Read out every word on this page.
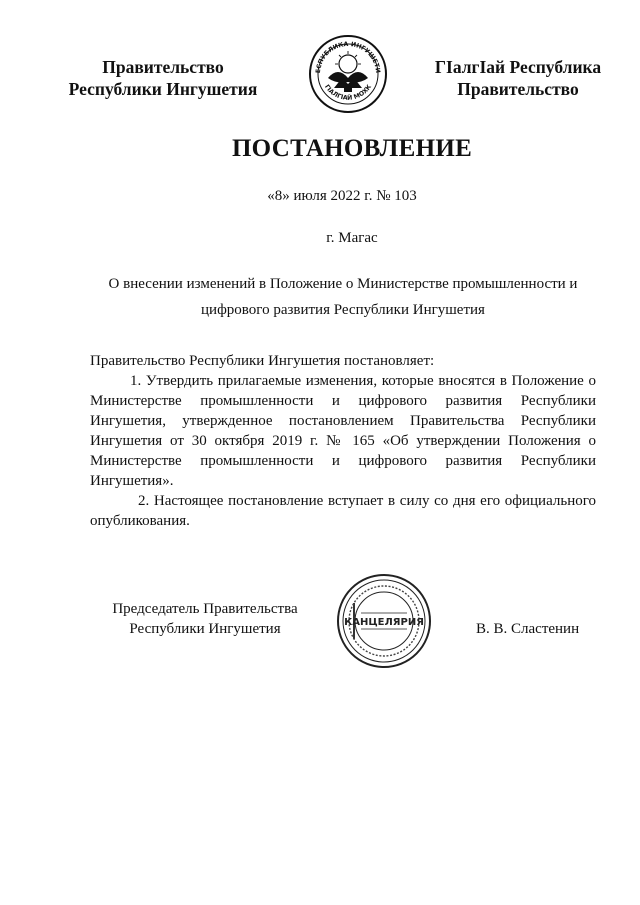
Правительство
Республики Ингушетия
ЕСПУБЛИКА ИНГУШЕТИ
ГIАЛГIАЙ МОХК
ГIалгIай Республика
Правительство
ПОСТАНОВЛЕНИЕ
«8» июля 2022 г. № 103
г. Магас
О внесении изменений в Положение о Министерстве промышленности и
цифрового развития Республики Ингушетия

Правительство Республики Ингушетия постановляет:

1. Утвердить прилагаемые изменения, которые вносятся в Положение о Министерстве промышленности и цифрового развития Республики Ингушетия, утвержденное постановлением Правительства Республики Ингушетия от 30 октября 2019 г. № 165 «Об утверждении Положения о Министерстве промышленности и цифрового развития Республики Ингушетия».

2. Настоящее постановление вступает в силу со дня его официального опубликования.

Председатель Правительства
Республики Ингушетия	КАНЦЕЛЯРИЯ	В. В. Сластенин
